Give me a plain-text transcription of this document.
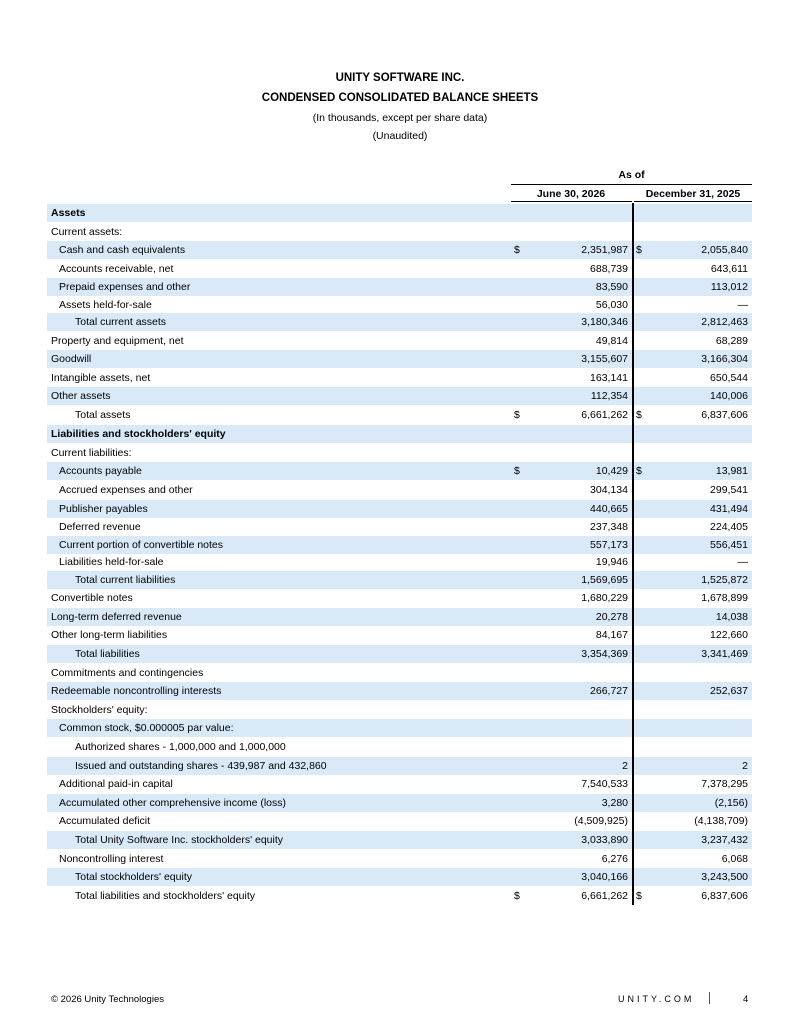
UNITY SOFTWARE INC.
CONDENSED CONSOLIDATED BALANCE SHEETS
(In thousands, except per share data)
(Unaudited)
As of
June 30, 2026	December 31, 2025
Assets
Current assets:
Cash and cash equivalents	$	2,351,987 $	2,055,840
Accounts receivable, net	688,739	643,611
Prepaid expenses and other	83,590	113,012
Assets held-for-sale	56,030	—
Total current assets	3,180,346	2,812,463
Property and equipment, net	49,814	68,289
Goodwill	3,155,607	3,166,304
Intangible assets, net	163,141	650,544
Other assets	112,354	140,006
Total assets	$	6,661,262 $	6,837,606
Liabilities and stockholders' equity
Current liabilities:
Accounts payable	$	10,429 $	13,981
Accrued expenses and other	304,134	299,541
Publisher payables	440,665	431,494
Deferred revenue	237,348	224,405
Current portion of convertible notes	557,173	556,451
Liabilities held-for-sale	19,946	—
Total current liabilities	1,569,695	1,525,872
Convertible notes	1,680,229	1,678,899
Long-term deferred revenue	20,278	14,038
Other long-term liabilities	84,167	122,660
Total liabilities	3,354,369	3,341,469
Commitments and contingencies
Redeemable noncontrolling interests	266,727	252,637
Stockholders' equity:
Common stock, $0.000005 par value:
Authorized shares - 1,000,000 and 1,000,000
Issued and outstanding shares - 439,987 and 432,860	2	2
Additional paid-in capital	7,540,533	7,378,295
Accumulated other comprehensive income (loss)	3,280	(2,156)
Accumulated deficit	(4,509,925)	(4,138,709)
Total Unity Software Inc. stockholders' equity	3,033,890	3,237,432
Noncontrolling interest	6,276	6,068
Total stockholders' equity	3,040,166	3,243,500
Total liabilities and stockholders' equity	$	6,661,262 $	6,837,606
© 2026 Unity Technologies	UNITY.COM	4
